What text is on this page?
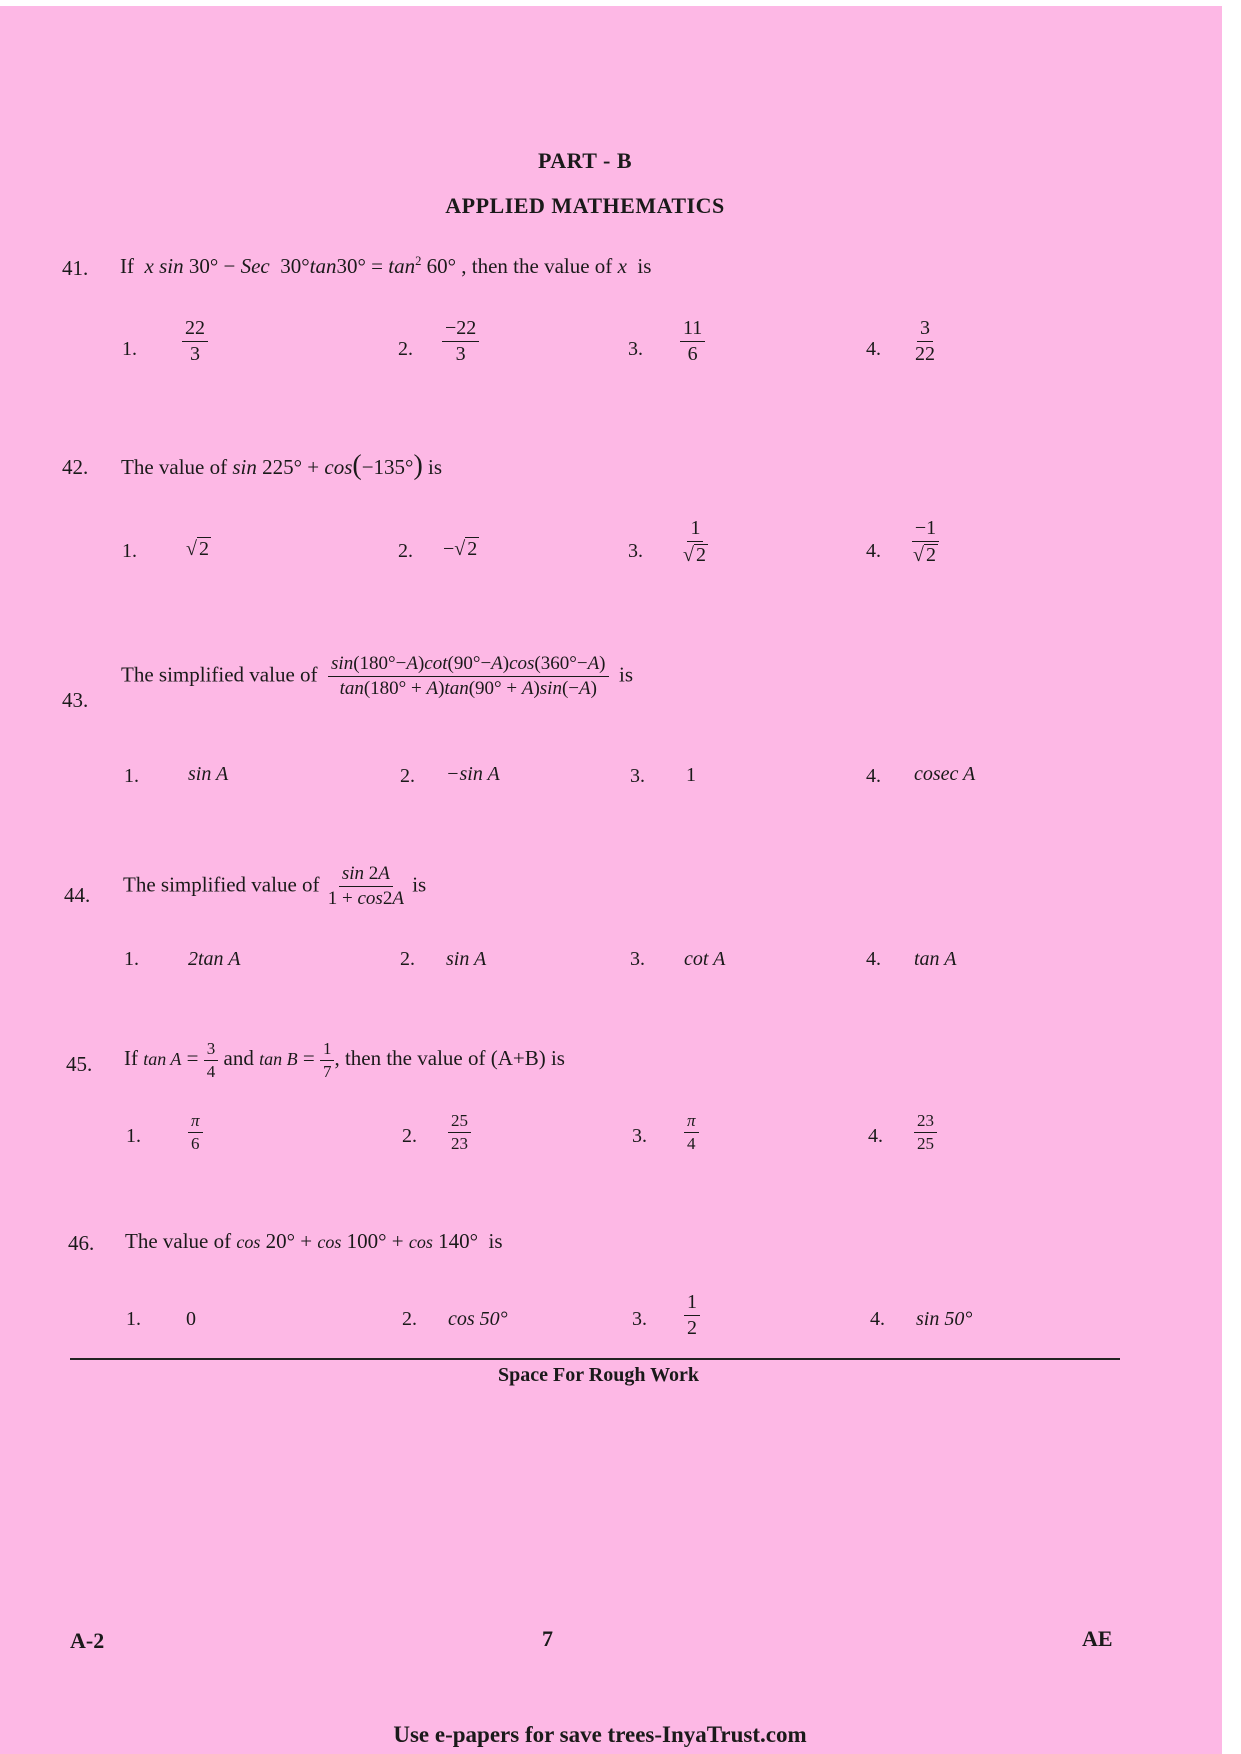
PART - B
APPLIED MATHEMATICS
41. If  x sin 30° − Sec  $30^\circ\tan 30^\circ = \tan^2 60^\circ$ , then the value of x  is
1. $\frac{22}{3}$	2. $\frac{-22}{3}$	3. $\frac{11}{6}$	4. $\frac{3}{22}$
42. The value of sin 225° + cos(−135°) is
1. √ 2	2. −√ 2	3. $\frac{1}{√ 2}$	4. $\frac{-1}{√ 2}$
43.
The simplified value of $\frac{\sin(180^\circ-A)\cot(90^\circ-A)\cos(360^\circ-A)}{\tan(180^\circ + A)\tan(90^\circ + A)\sin(-A)}$ is
1. sin A	2. −sin A	3. 1	4. cosec A
44. The simplified value of $\frac{\sin 2A}{1 + \cos 2A}$ is
1. 2tan A	2. sin A	3. cot A	4. tan A
45. If $\tan A = \frac{3}{4}$ and $\tan B = \frac{1}{7}$ , then the value of (A+B) is
1.	$\frac{\pi}{6}$	2. $\frac{25}{23}$	3. $\frac{\pi}{4}$	4. $\frac{23}{25}$
46. The value of cos 20° + cos 100° + cos 140°  is
1. 0	2. cos 50°	3. $\frac{1}{2}$	4. sin 50°
Space For Rough Work
A-2	7	AE
Use e-papers for save trees-InyaTrust.com
